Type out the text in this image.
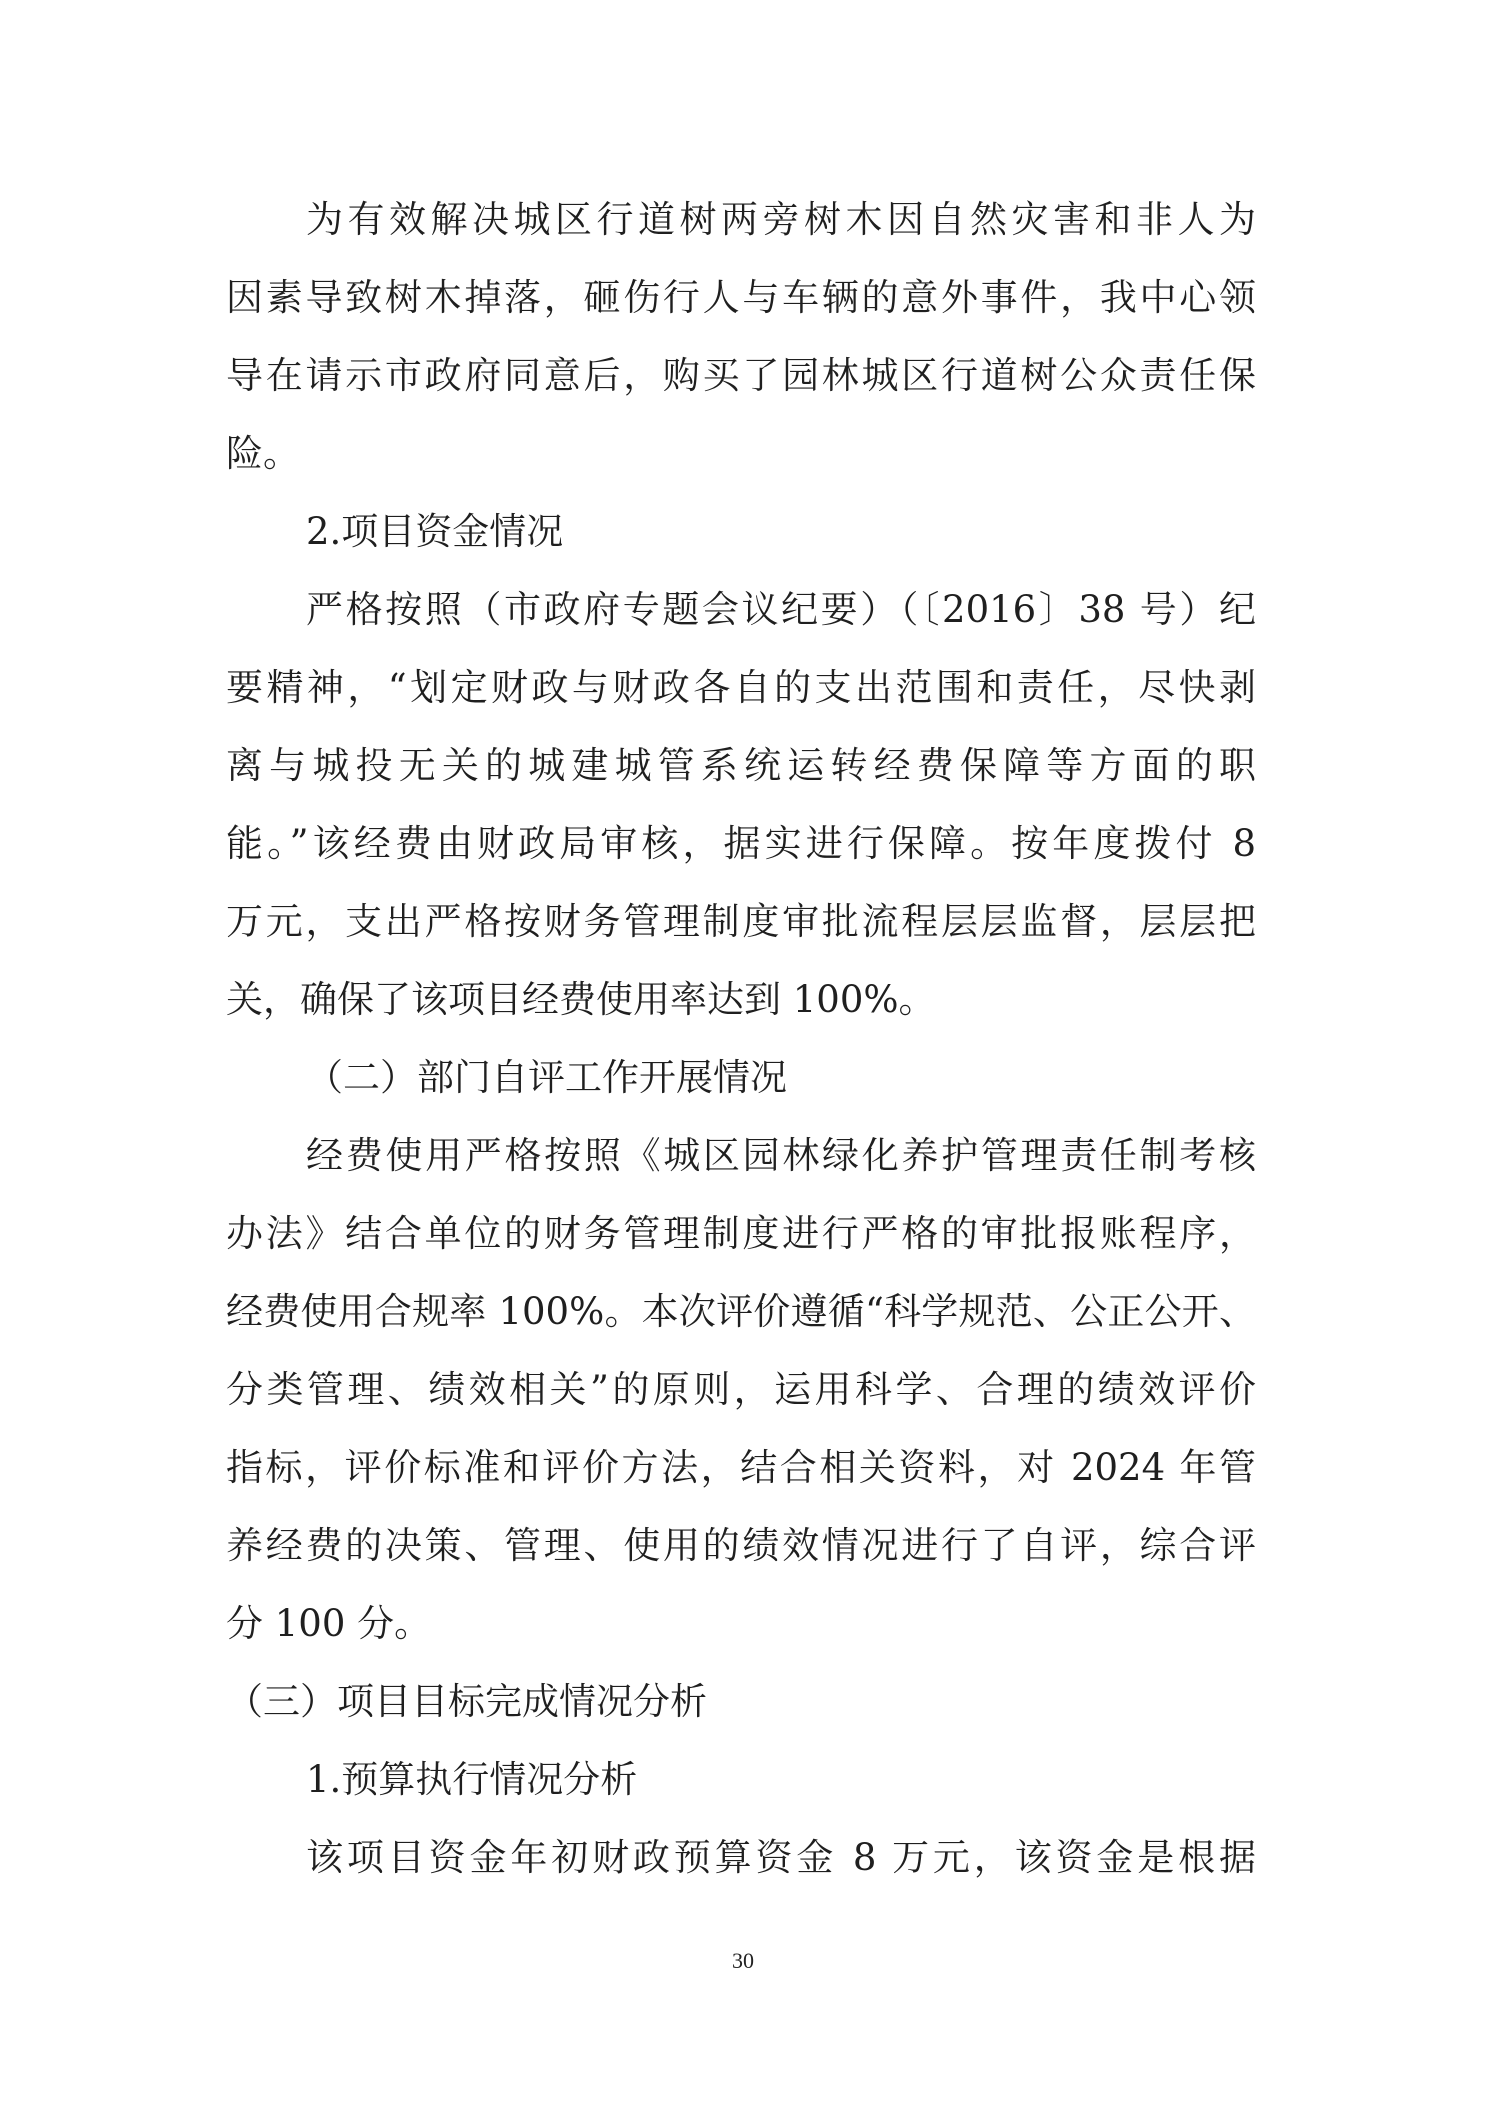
为有效解决城区行道树两旁树木因自然灾害和非人为
因素导致树木掉落，砸伤行人与车辆的意外事件，我中心领
导在请示市政府同意后，购买了园林城区行道树公众责任保
险。
2.项目资金情况
严格按照（市政府专题会议纪要）（〔2016〕38 号）纪
要精神，“划定财政与财政各自的支出范围和责任，尽快剥
离与城投无关的城建城管系统运转经费保障等方面的职
能。”该经费由财政局审核，据实进行保障。按年度拨付 8
万元，支出严格按财务管理制度审批流程层层监督，层层把
关，确保了该项目经费使用率达到 100%。
（二）部门自评工作开展情况
经费使用严格按照《城区园林绿化养护管理责任制考核
办法》结合单位的财务管理制度进行严格的审批报账程序，
经费使用合规率 100%。本次评价遵循“科学规范、公正公开、
分类管理、绩效相关”的原则，运用科学、合理的绩效评价
指标，评价标准和评价方法，结合相关资料，对 2024 年管
养经费的决策、管理、使用的绩效情况进行了自评，综合评
分 100 分。
（三）项目目标完成情况分析
1.预算执行情况分析
该项目资金年初财政预算资金 8 万元，该资金是根据
30
